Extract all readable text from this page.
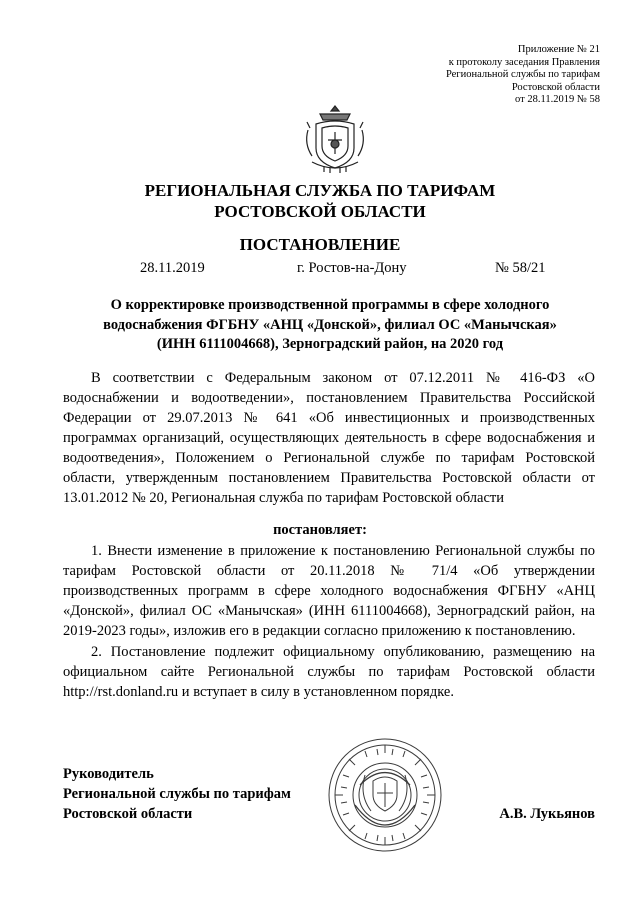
Приложение № 21
к протоколу заседания Правления
Региональной службы по тарифам
Ростовской области
от 28.11.2019 № 58
РЕГИОНАЛЬНАЯ СЛУЖБА ПО ТАРИФАМ
РОСТОВСКОЙ ОБЛАСТИ
ПОСТАНОВЛЕНИЕ
28.11.2019	г. Ростов-на-Дону	№ 58/21
О корректировке производственной программы в сфере холодного
водоснабжения ФГБНУ «АНЦ «Донской», филиал ОС «Манычская»
(ИНН 6111004668), Зерноградский район, на 2020 год
В соответствии с Федеральным законом от 07.12.2011 № 416-ФЗ «О водоснабжении и водоотведении», постановлением Правительства Российской Федерации от 29.07.2013 № 641 «Об инвестиционных и производственных программах организаций, осуществляющих деятельность в сфере водоснабжения и водоотведения», Положением о Региональной службе по тарифам Ростовской области, утвержденным постановлением Правительства Ростовской области от 13.01.2012 № 20, Региональная служба по тарифам Ростовской области
постановляет:
1. Внести изменение в приложение к постановлению Региональной службы по тарифам Ростовской области от 20.11.2018 № 71/4 «Об утверждении производственных программ в сфере холодного водоснабжения ФГБНУ «АНЦ «Донской», филиал ОС «Манычская» (ИНН 6111004668), Зерноградский район, на 2019-2023 годы», изложив его в редакции согласно приложению к постановлению.
2. Постановление подлежит официальному опубликованию, размещению на официальном сайте Региональной службы по тарифам Ростовской области http://rst.donland.ru и вступает в силу в установленном порядке.
Руководитель
Региональной службы по тарифам
Ростовской области	А.В. Лукьянов
